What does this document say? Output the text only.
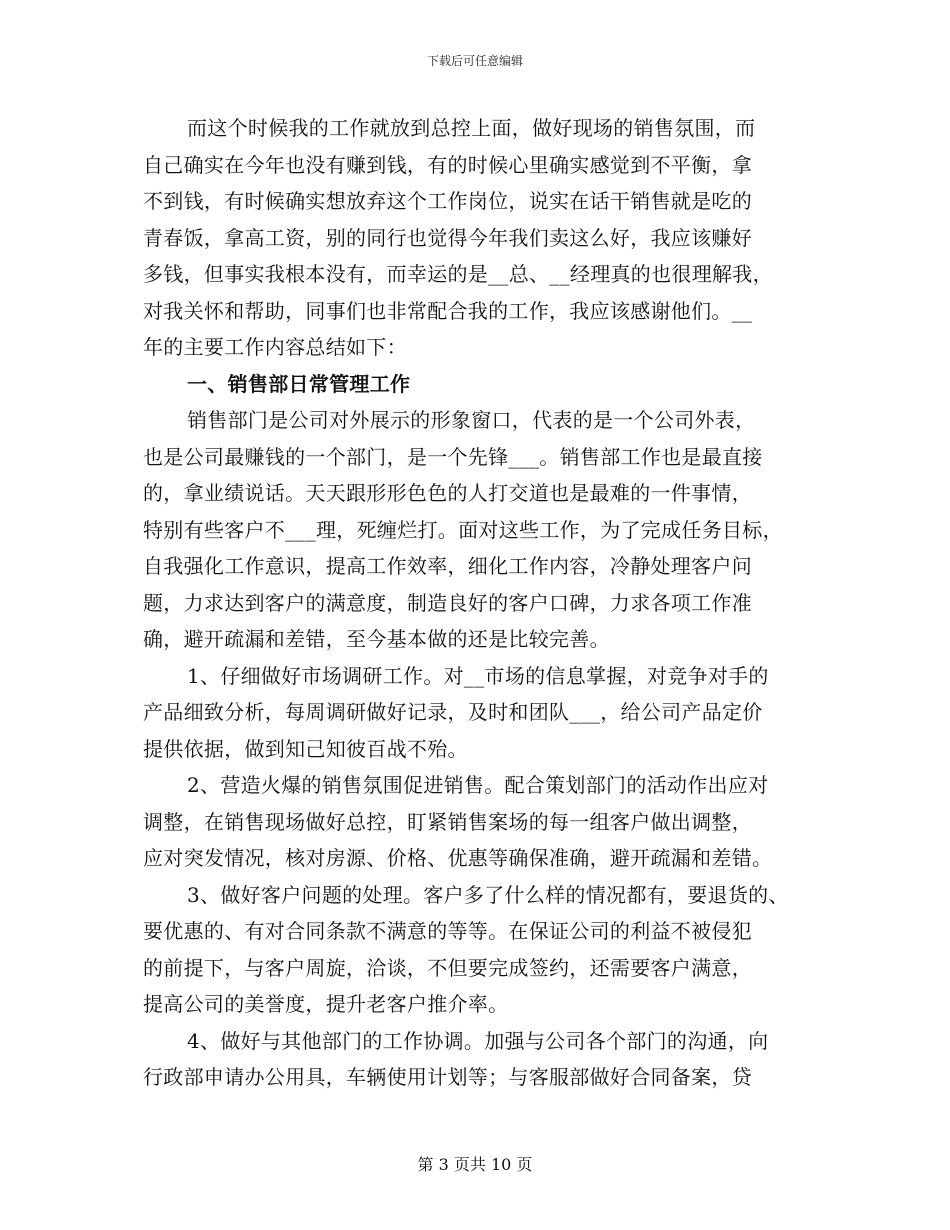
下载后可任意编辑
而这个时候我的工作就放到总控上面，做好现场的销售氛围，而
自己确实在今年也没有赚到钱，有的时候心里确实感觉到不平衡，拿
不到钱，有时候确实想放弃这个工作岗位，说实在话干销售就是吃的
青春饭，拿高工资，别的同行也觉得今年我们卖这么好，我应该赚好
多钱，但事实我根本没有，而幸运的是__总、__经理真的也很理解我，
对我关怀和帮助，同事们也非常配合我的工作，我应该感谢他们。__
年的主要工作内容总结如下：
一、销售部日常管理工作
销售部门是公司对外展示的形象窗口，代表的是一个公司外表，
也是公司最赚钱的一个部门，是一个先锋___。销售部工作也是最直接
的，拿业绩说话。天天跟形形色色的人打交道也是最难的一件事情，
特别有些客户不___理，死缠烂打。面对这些工作，为了完成任务目标，
自我强化工作意识，提高工作效率，细化工作内容，冷静处理客户问
题，力求达到客户的满意度，制造良好的客户口碑，力求各项工作准
确，避开疏漏和差错，至今基本做的还是比较完善。
1、仔细做好市场调研工作。对__市场的信息掌握，对竞争对手的
产品细致分析，每周调研做好记录，及时和团队___，给公司产品定价
提供依据，做到知己知彼百战不殆。
2、营造火爆的销售氛围促进销售。配合策划部门的活动作出应对
调整，在销售现场做好总控，盯紧销售案场的每一组客户做出调整，
应对突发情况，核对房源、价格、优惠等确保准确，避开疏漏和差错。
3、做好客户问题的处理。客户多了什么样的情况都有，要退货的、
要优惠的、有对合同条款不满意的等等。在保证公司的利益不被侵犯
的前提下，与客户周旋，洽谈，不但要完成签约，还需要客户满意，
提高公司的美誉度，提升老客户推介率。
4、做好与其他部门的工作协调。加强与公司各个部门的沟通，向
行政部申请办公用具，车辆使用计划等；与客服部做好合同备案，贷
第 3 页共 10 页
